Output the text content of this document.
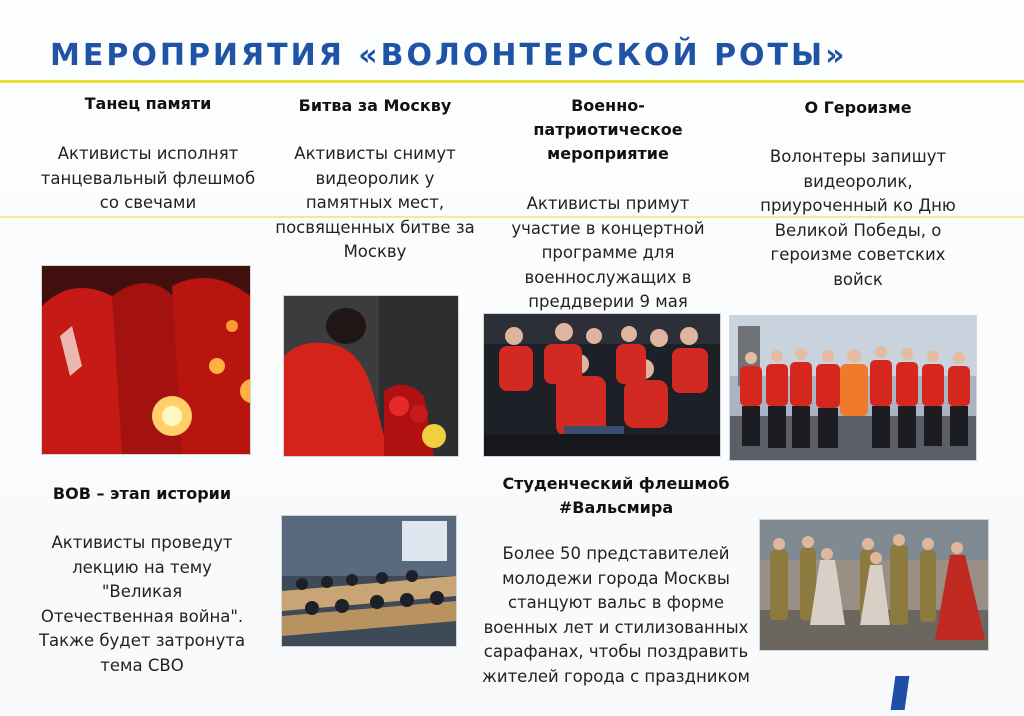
МЕРОПРИЯТИЯ «ВОЛОНТЕРСКОЙ РОТЫ»
Танец памяти
Активисты исполнят танцевальный флешмоб со свечами
Битва за Москву
Активисты снимут видеоролик у памятных мест, посвященных битве за Москву
Военно-патриотическое мероприятие
Активисты примут участие в концертной программе для военнослужащих в преддверии 9 мая
О Героизме
Волонтеры запишут видеоролик, приуроченный ко Дню Великой Победы, о героизме советских войск
ВОВ – этап истории
Активисты проведут лекцию на тему "Великая Отечественная война". Также будет затронута тема СВО
Студенческий флешмоб #Вальсмира
Более 50 представителей молодежи города Москвы станцуют вальс в форме военных лет и стилизованных сарафанах, чтобы поздравить жителей города с праздником
